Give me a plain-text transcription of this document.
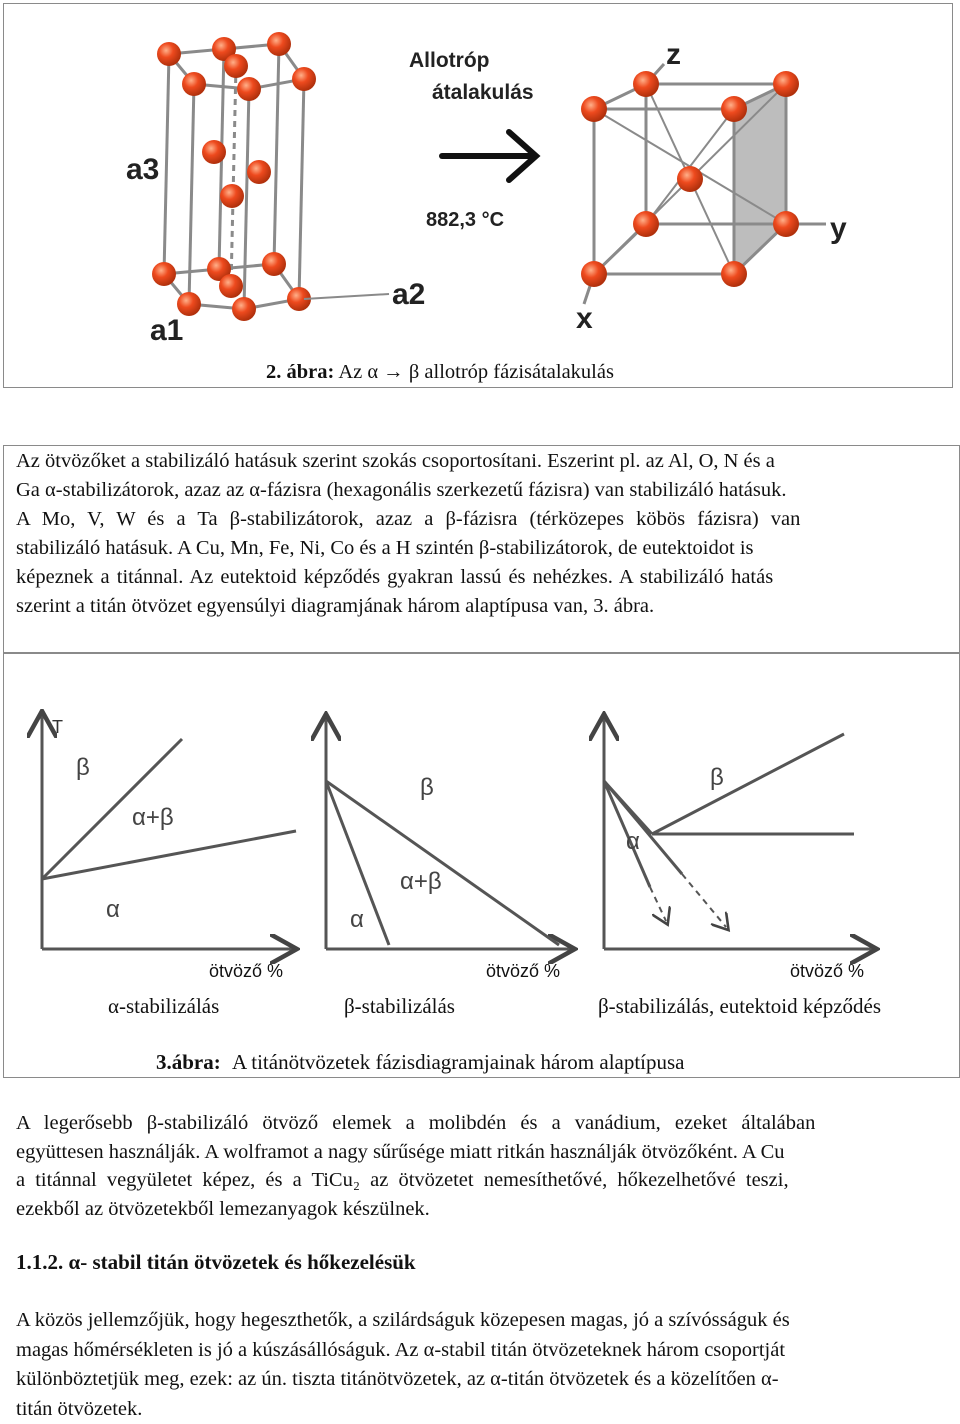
a3
a2
a1
Allotróp
átalakulás
882,3 °C
z
y
x
2. ábra: Az α → β allotróp fázisátalakulás
Az ötvözőket a stabilizáló hatásuk szerint szokás csoportosítani. Eszerint pl. az Al, O, N és a
Ga α-stabilizátorok, azaz az α-fázisra (hexagonális szerkezetű fázisra) van stabilizáló hatásuk.
A Mo, V, W és a Ta β-stabilizátorok, azaz a β-fázisra (térközepes köbös fázisra) van
stabilizáló hatásuk. A Cu, Mn, Fe, Ni, Co és a H szintén β-stabilizátorok, de eutektoidot is
képeznek a titánnal. Az eutektoid képződés gyakran lassú és nehézkes. A stabilizáló hatás
szerint a titán ötvözet egyensúlyi diagramjának három alaptípusa van, 3. ábra.
T
β
α+β
α
β
α+β
α
β
α
ötvöző %	ötvöző %	ötvöző %
α-stabilizálás	β-stabilizálás	β-stabilizálás, eutektoid képződés
3.ábra: A titánötvözetek fázisdiagramjainak három alaptípusa
A legerősebb β-stabilizáló ötvöző elemek a molibdén és a vanádium, ezeket általában
együttesen használják. A wolframot a nagy sűrűsége miatt ritkán használják ötvözőként. A Cu
a titánnal vegyületet képez, és a TiCu₂ az ötvözetet nemesíthetővé, hőkezelhetővé teszi,
ezekből az ötvözetekből lemezanyagok készülnek.
1.1.2. α- stabil titán ötvözetek és hőkezelésük
A közös jellemzőjük, hogy hegeszthetők, a szilárdságuk közepesen magas, jó a szívósságuk és
magas hőmérsékleten is jó a kúszásállóságuk. Az α-stabil titán ötvözeteknek három csoportját
különböztetjük meg, ezek: az ún. tiszta titánötvözetek, az α-titán ötvözetek és a közelítően α-
titán ötvözetek.
